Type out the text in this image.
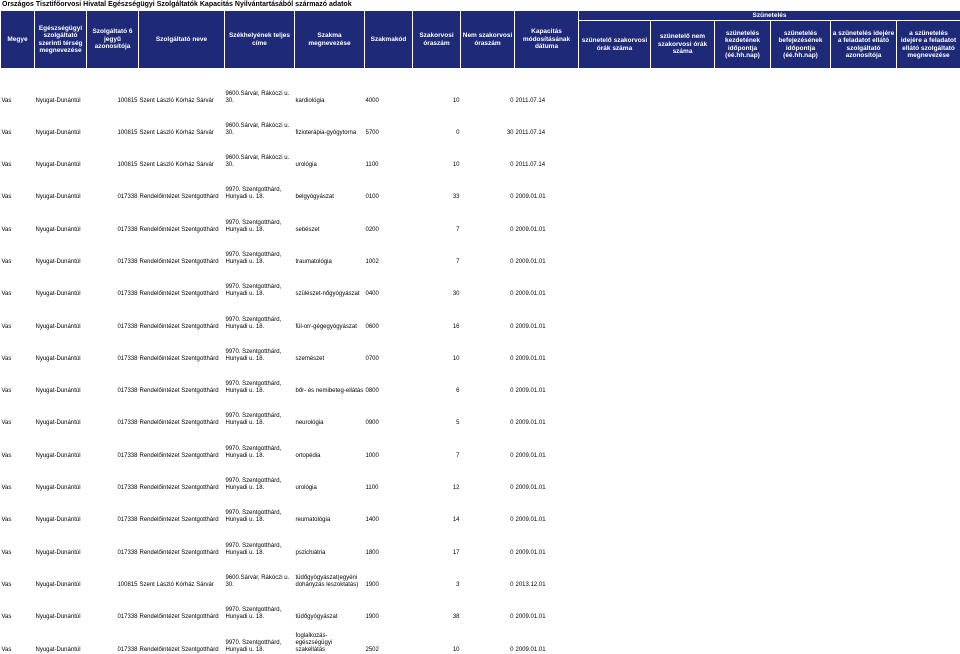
Országos Tisztifőorvosi Hivatal Egészségügyi Szolgáltatók Kapacitás Nyilvántartásából származó adatok
Megye	Egészségügyi szolgáltató szerinti térség megnevezése	Szolgáltató 6 jegyű azonosítója	Szolgáltató neve	Székhelyének teljes címe	Szakma megnevezése	Szakmakód	Szakorvosi óraszám	Nem szakorvosi óraszám	Kapacitás módosításának dátuma	Szünetelés					
										szünetelő szakorvosi órák száma	szünetelő nem szakorvosi órák száma	szünetelés kezdetének időpontja (éé.hh.nap)	szünetelés befejezésének időpontja (éé.hh.nap)	a szünetelés idejére a feladatot ellátó szolgáltató azonosítója	a szünetelés idejére a feladatot ellátó szolgáltató megnevezése
Vas	Nyugat-Dunántúl	100815	Szent László Kórház Sárvár	9600.Sárvár, Rákóczi u. 30.	kardiológia	4000	10	0	2011.07.14						
Vas	Nyugat-Dunántúl	100815	Szent László Kórház Sárvár	9600.Sárvár, Rákóczi u. 30.	fizioterápia-gyógytorna	5700	0	30	2011.07.14						
Vas	Nyugat-Dunántúl	100815	Szent László Kórház Sárvár	9600.Sárvár, Rákóczi u. 30.	urológia	1100	10	0	2011.07.14						
Vas	Nyugat-Dunántúl	017338	Rendelőintézet Szentgotthárd	9970. Szentgotthárd, Hunyadi u. 18.	belgyógyászat	0100	33	0	2009.01.01						
Vas	Nyugat-Dunántúl	017338	Rendelőintézet Szentgotthárd	9970. Szentgotthárd, Hunyadi u. 18.	sebészet	0200	7	0	2009.01.01						
Vas	Nyugat-Dunántúl	017338	Rendelőintézet Szentgotthárd	9970. Szentgotthárd, Hunyadi u. 18.	traumatológia	1002	7	0	2009.01.01						
Vas	Nyugat-Dunántúl	017338	Rendelőintézet Szentgotthárd	9970. Szentgotthárd, Hunyadi u. 18.	szülészet-nőgyógyászat	0400	30	0	2009.01.01						
Vas	Nyugat-Dunántúl	017338	Rendelőintézet Szentgotthárd	9970. Szentgotthárd, Hunyadi u. 18.	fül-orr-gégegyógyászat	0600	16	0	2009.01.01						
Vas	Nyugat-Dunántúl	017338	Rendelőintézet Szentgotthárd	9970. Szentgotthárd, Hunyadi u. 18.	szemészet	0700	10	0	2009.01.01						
Vas	Nyugat-Dunántúl	017338	Rendelőintézet Szentgotthárd	9970. Szentgotthárd, Hunyadi u. 18.	bőr- és nemibeteg-ellátás	0800	6	0	2009.01.01						
Vas	Nyugat-Dunántúl	017338	Rendelőintézet Szentgotthárd	9970. Szentgotthárd, Hunyadi u. 18.	neurológia	0900	5	0	2009.01.01						
Vas	Nyugat-Dunántúl	017338	Rendelőintézet Szentgotthárd	9970. Szentgotthárd, Hunyadi u. 18.	ortopédia	1000	7	0	2009.01.01						
Vas	Nyugat-Dunántúl	017338	Rendelőintézet Szentgotthárd	9970. Szentgotthárd, Hunyadi u. 18.	urológia	1100	12	0	2009.01.01						
Vas	Nyugat-Dunántúl	017338	Rendelőintézet Szentgotthárd	9970. Szentgotthárd, Hunyadi u. 18.	reumatológia	1400	14	0	2009.01.01						
Vas	Nyugat-Dunántúl	017338	Rendelőintézet Szentgotthárd	9970. Szentgotthárd, Hunyadi u. 18.	pszichiátria	1800	17	0	2009.01.01						
Vas	Nyugat-Dunántúl	100815	Szent László Kórház Sárvár	9600.Sárvár, Rákóczi u. 30.	tüdőgyógyászat(egyéni dohányzás leszoktatás)	1900	3	0	2013.12.01						
Vas	Nyugat-Dunántúl	017338	Rendelőintézet Szentgotthárd	9970. Szentgotthárd, Hunyadi u. 18.	tüdőgyógyászat	1900	38	0	2009.01.01						
Vas	Nyugat-Dunántúl	017338	Rendelőintézet Szentgotthárd	9970. Szentgotthárd, Hunyadi u. 18.	foglalkozás-egészségügyi szakellátás	2502	10	0	2009.01.01						
